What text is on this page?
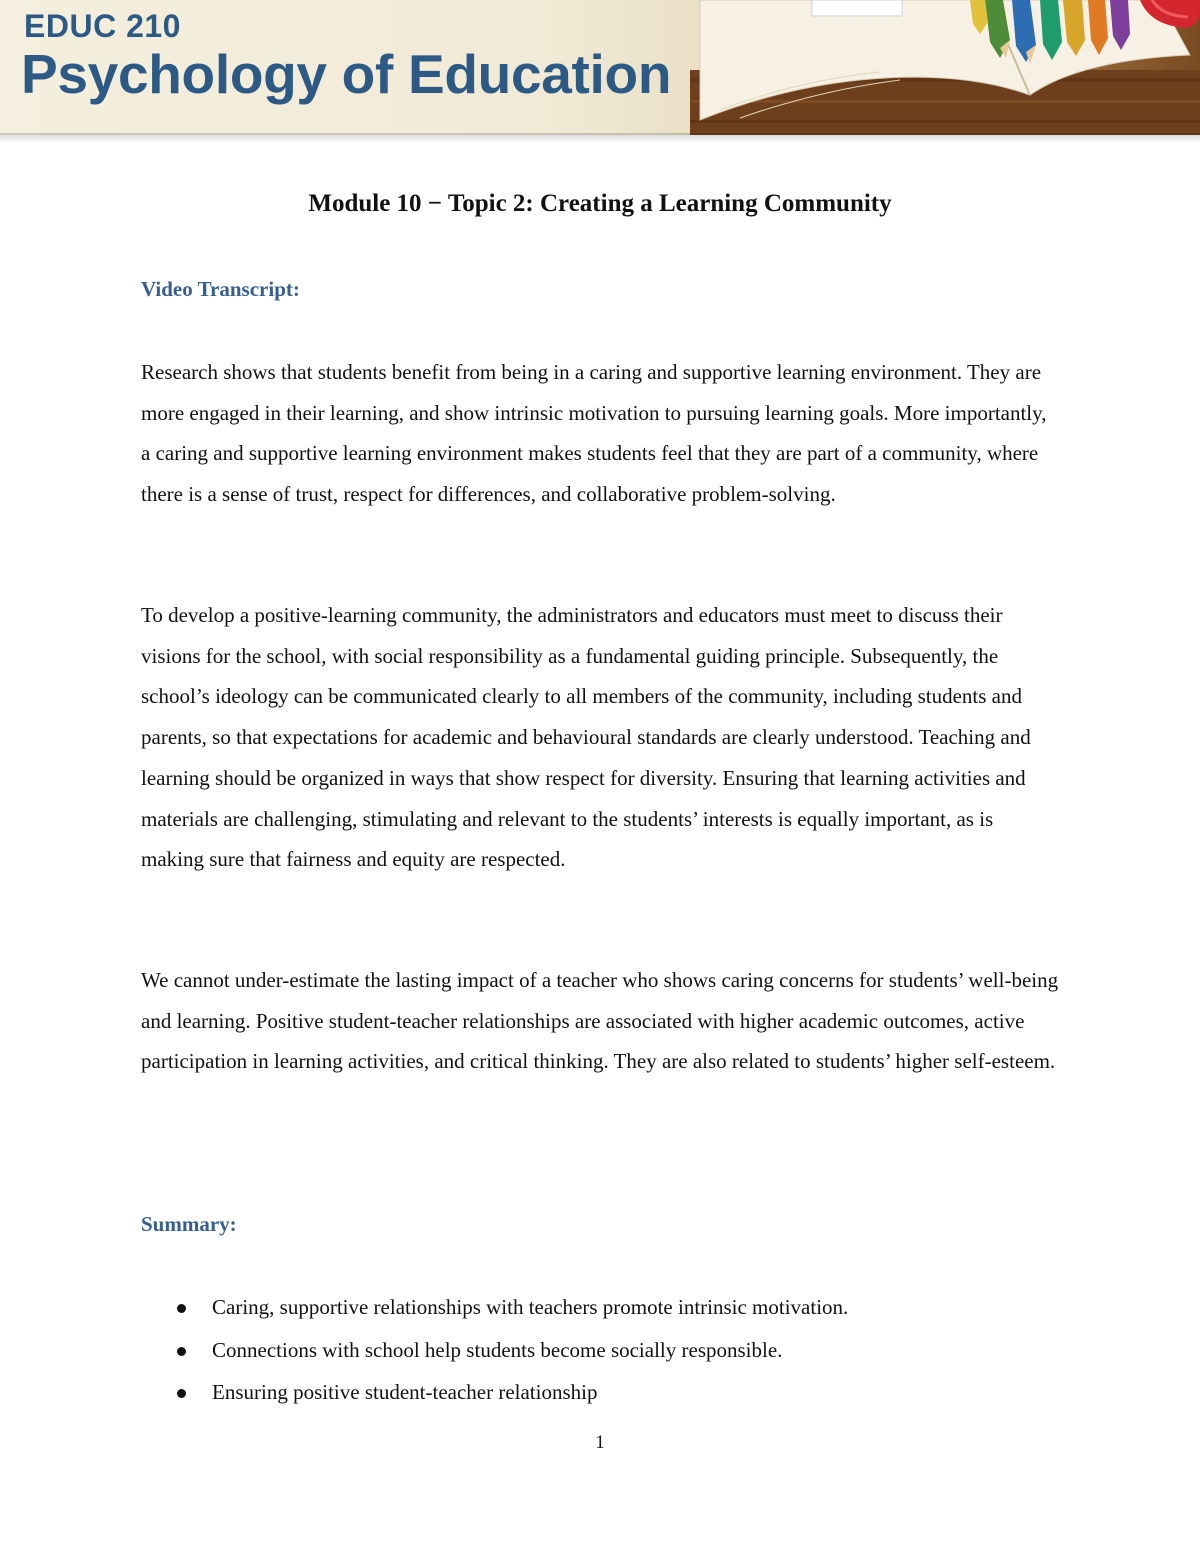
EDUC 210
Psychology of Education
Module 10 − Topic 2: Creating a Learning Community
Video Transcript:

Research shows that students benefit from being in a caring and supportive learning environment. They are more engaged in their learning, and show intrinsic motivation to pursuing learning goals. More importantly, a caring and supportive learning environment makes students feel that they are part of a community, where there is a sense of trust, respect for differences, and collaborative problem-solving.

To develop a positive-learning community, the administrators and educators must meet to discuss their visions for the school, with social responsibility as a fundamental guiding principle. Subsequently, the school’s ideology can be communicated clearly to all members of the community, including students and parents, so that expectations for academic and behavioural standards are clearly understood. Teaching and learning should be organized in ways that show respect for diversity. Ensuring that learning activities and materials are challenging, stimulating and relevant to the students’ interests is equally important, as is making sure that fairness and equity are respected.

We cannot under-estimate the lasting impact of a teacher who shows caring concerns for students’ well-being and learning. Positive student-teacher relationships are associated with higher academic outcomes, active participation in learning activities, and critical thinking. They are also related to students’ higher self-esteem.

Summary:
Caring, supportive relationships with teachers promote intrinsic motivation.
Connections with school help students become socially responsible.
Ensuring positive student-teacher relationship
1
